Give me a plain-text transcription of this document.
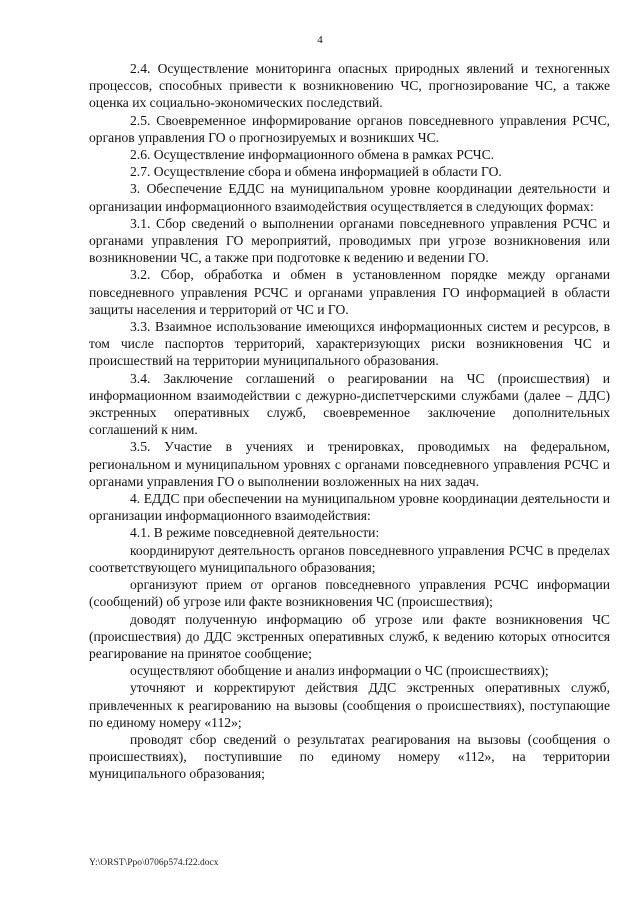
4

2.4. Осуществление мониторинга опасных природных явлений и техногенных процессов, способных привести к возникновению ЧС, прогнозирование ЧС, а также оценка их социально-экономических последствий.

2.5. Своевременное информирование органов повседневного управления РСЧС, органов управления ГО о прогнозируемых и возникших ЧС.

2.6. Осуществление информационного обмена в рамках РСЧС.

2.7. Осуществление сбора и обмена информацией в области ГО.

3. Обеспечение ЕДДС на муниципальном уровне координации деятельности и организации информационного взаимодействия осуществляется в следующих формах:

3.1. Сбор сведений о выполнении органами повседневного управления РСЧС и органами управления ГО мероприятий, проводимых при угрозе возникновения или возникновении ЧС, а также при подготовке к ведению и ведении ГО.

3.2. Сбор, обработка и обмен в установленном порядке между органами повседневного управления РСЧС и органами управления ГО информацией в области защиты населения и территорий от ЧС и ГО.

3.3. Взаимное использование имеющихся информационных систем и ресурсов, в том числе паспортов территорий, характеризующих риски возникновения ЧС и происшествий на территории муниципального образования.

3.4. Заключение соглашений о реагировании на ЧС (происшествия) и информационном взаимодействии с дежурно-диспетчерскими службами (далее – ДДС) экстренных оперативных служб, своевременное заключение дополнительных соглашений к ним.

3.5. Участие в учениях и тренировках, проводимых на федеральном, региональном и муниципальном уровнях с органами повседневного управления РСЧС и органами управления ГО о выполнении возложенных на них задач.

4. ЕДДС при обеспечении на муниципальном уровне координации деятельности и организации информационного взаимодействия:

4.1. В режиме повседневной деятельности:

координируют деятельность органов повседневного управления РСЧС в пределах соответствующего муниципального образования;

организуют прием от органов повседневного управления РСЧС информации (сообщений) об угрозе или факте возникновения ЧС (происшествия);

доводят полученную информацию об угрозе или факте возникновения ЧС (происшествия) до ДДС экстренных оперативных служб, к ведению которых относится реагирование на принятое сообщение;

осуществляют обобщение и анализ информации о ЧС (происшествиях);

уточняют и корректируют действия ДДС экстренных оперативных служб, привлеченных к реагированию на вызовы (сообщения о происшествиях), поступающие по единому номеру «112»;

проводят сбор сведений о результатах реагирования на вызовы (сообщения о происшествиях), поступившие по единому номеру «112», на территории муниципального образования;

Y:\ORST\Ppo\0706p574.f22.docx
